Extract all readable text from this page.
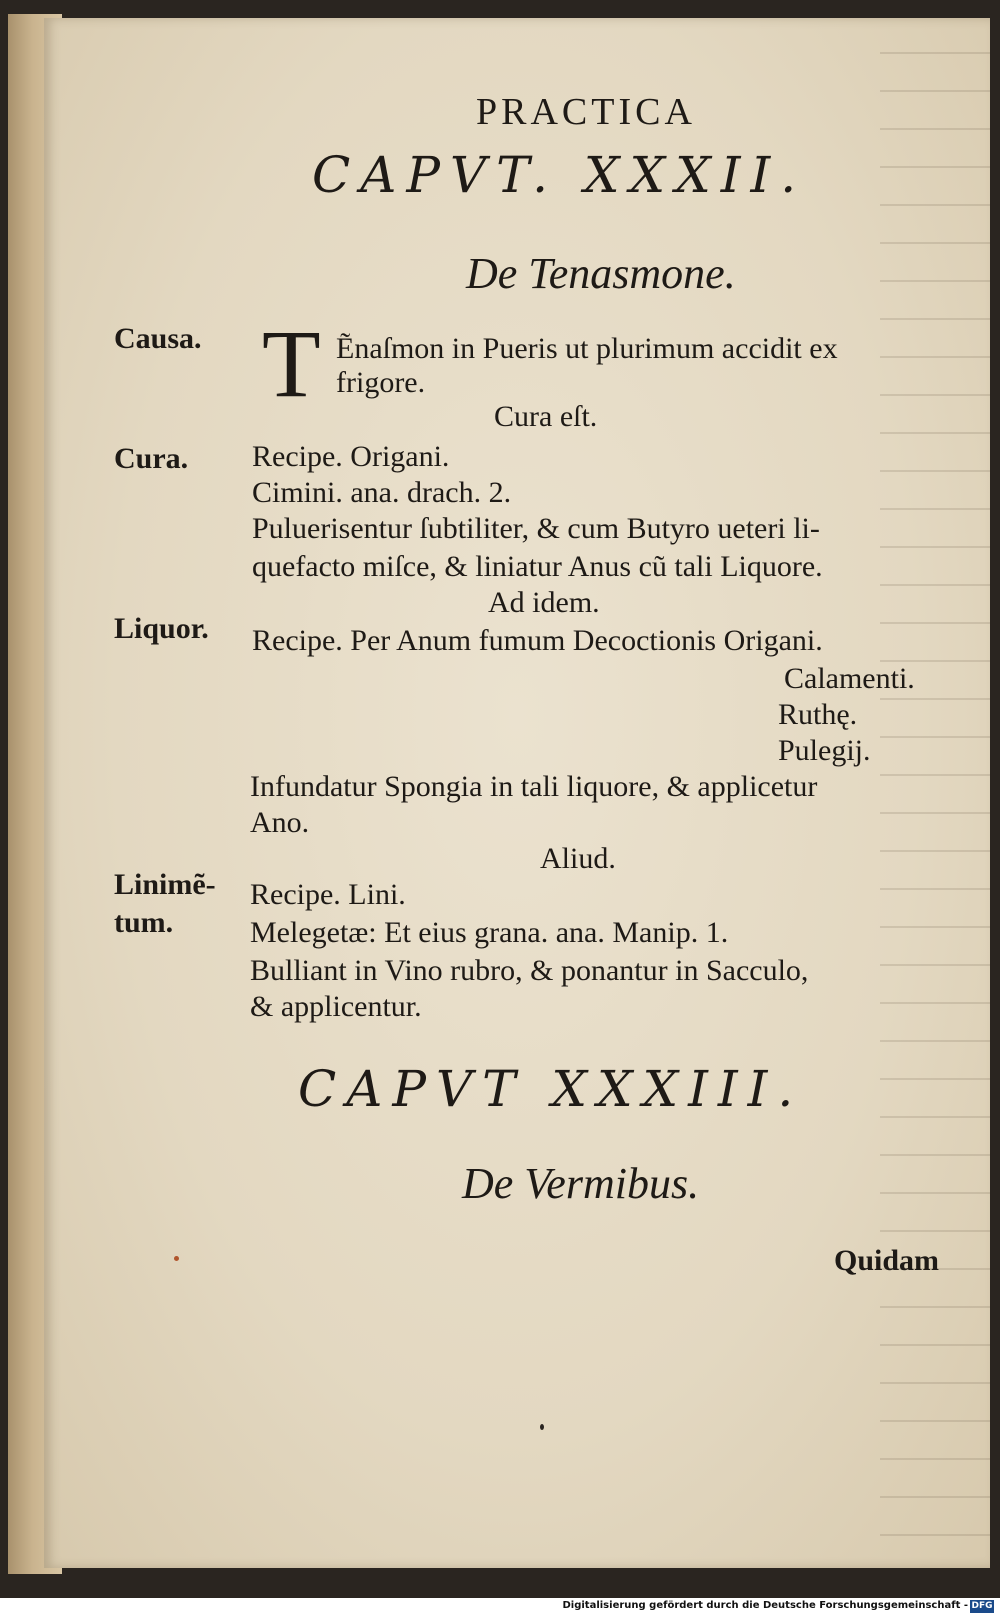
PRACTICA
CAPVT. XXXII.
De Tenasmone.
Causa.
Cura.
Liquor.
Linimẽ-
tum.
T Ẽnaſmon in Pueris ut plurimum accidit ex
frigore.
Cura eſt.
Recipe. Origani.
Cimini. ana. drach. 2.
Puluerisentur ſubtiliter, & cum Butyro ueteri li-
quefacto miſce, & liniatur Anus cũ tali Liquore.
Ad idem.
Recipe. Per Anum fumum Decoctionis Origani.
Calamenti.
Ruthę.
Pulegij.
Infundatur Spongia in tali liquore, & applicetur
Ano.
Aliud.
Recipe. Lini.
Melegetæ: Et eius grana. ana. Manip. 1.
Bulliant in Vino rubro, & ponantur in Sacculo,
& applicentur.
CAPVT XXXIII.
De Vermibus.
Quidam
Digitalisierung gefördert durch die Deutsche Forschungsgemeinschaft - DFG
